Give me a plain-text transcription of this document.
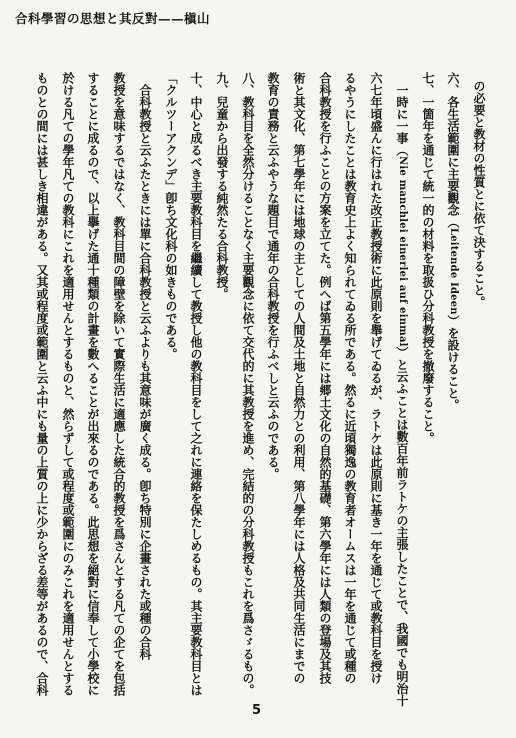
合科學習の思想と其反對——槇山
の必要と教材の性質とに依て決すること。
六、各生活範圍に主要觀念（Leitende Ideen）を設けること。
七、一箇年を通じて統一的の材料を取扱ひ分科教授を撤廢すること。
一時に一事（Nie manchlei einerlei auf einmal）と云ふことは數百年前ラトケの主張したことで、我國でも明治十
六七年頃盛んに行はれた改正教授術に此原則を舉げてゐるが、ラトケは此原則に基き一年を通じて或教科目を授け
るやうにしたことは教育史上よく知られてゐる所である。然るに近頃獨逸の教育者オームスは一年を通じて或種の
合科教授を行ふことの方案を立てた。例へば第五學年には郷土文化の自然的基礎、第六學年には人類の登場及其技
術と其文化、第七學年には地球の主としての人間及土地と自然力との利用、第八學年には人格及共同生活にまでの
教育の責務と云ふやうな題目で通年の合科教授を行ふべしと云ふのである。
八、教科目を全然分けることなく主要觀念に依て交代的に其教授を進め、完結的の分科教授もこれを爲さゞるもの。
九、兒童から出發する純然たる合科教授。
十、中心と成るべき主要教科目を繼續して教授し他の教科目をして之れに連絡を保たしめるもの。其主要教科目とは
「クルツーアクンデ」卽ち文化科の如きものである。
合科教授と云ふたときには單に合科教授と云ふよりも其意味が廣く成る。卽ち特別に企畫された或種の合科
教授を意味するではなく、教科目間の障壁を除いて實際生活に適應した統合的教授を爲さんとする凡ての企てを包括
することに成るので、以上擧げた通十種類の計畫を數へることが出來るのである。此思想を絕對に信奉して小學校に
於ける凡ての學年凡ての教科にこれを適用せんとするものと、然らずして或程度或範圍にのみこれを適用せんとする
ものとの間には甚しき相違がある。又其或程度或範圍と云ふ中にも量の上質の上に少からざる差等があるので、合科
5
